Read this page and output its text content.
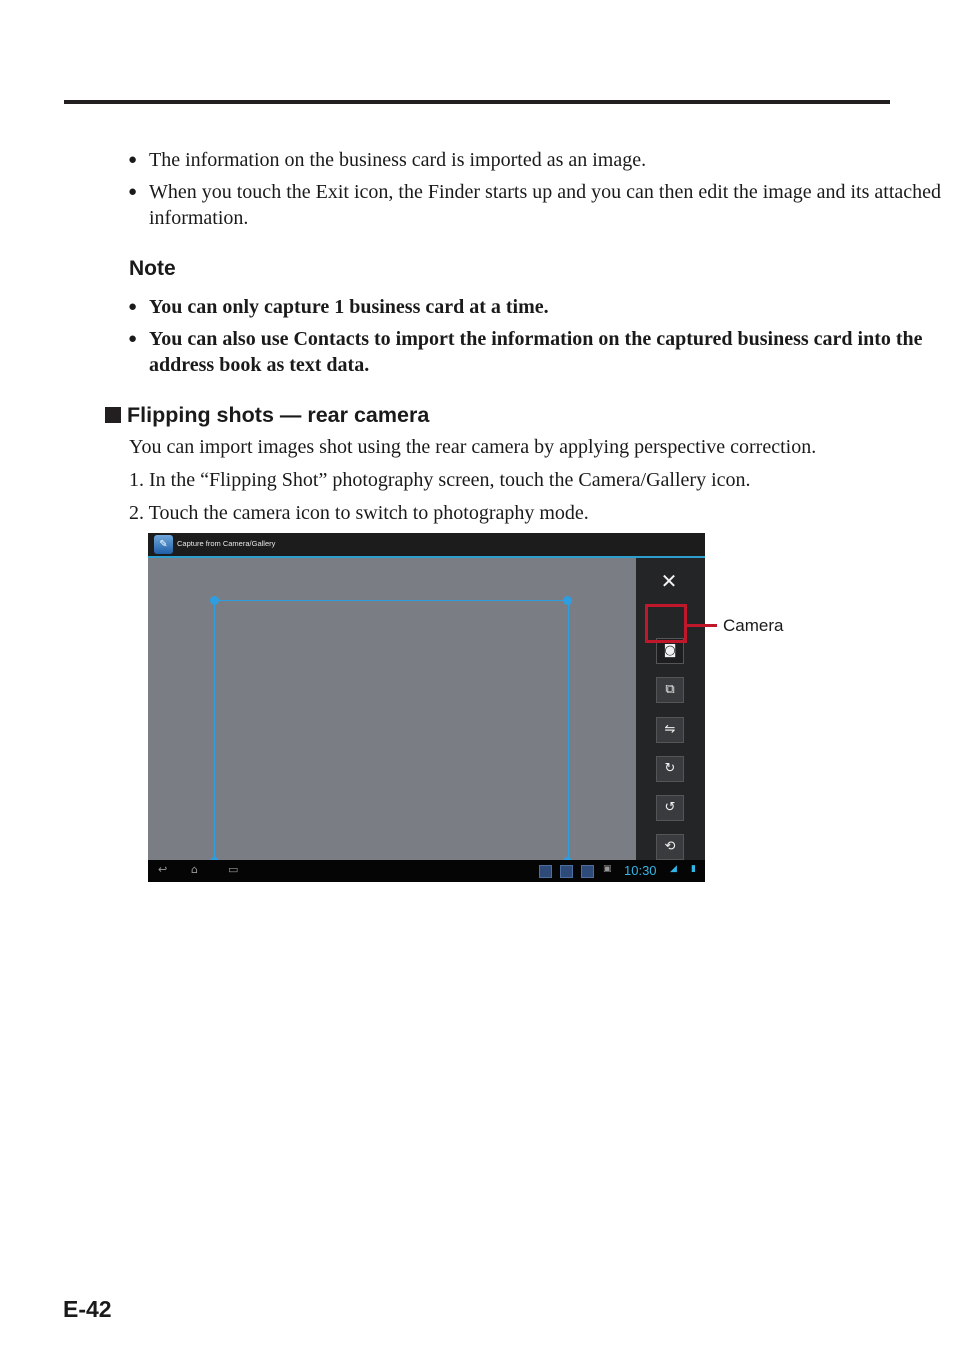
● The information on the business card is imported as an image.
● When you touch the Exit icon, the Finder starts up and you can then edit the image and its attached information.
Note
● You can only capture 1 business card at a time.
● You can also use Contacts to import the information on the captured business card into the address book as text data.
Flipping shots — rear camera

You can import images shot using the rear camera by applying perspective correction.

1. In the “Flipping Shot” photography screen, touch the Camera/Gallery icon.

2. Touch the camera icon to switch to photography mode.

✎	Capture from Camera/Gallery
✕
◙
⧉
⇋
↻
↺
⟲
↩ ⌂	▭	▣ 10:30 ◢ ▮
Camera
E-42
